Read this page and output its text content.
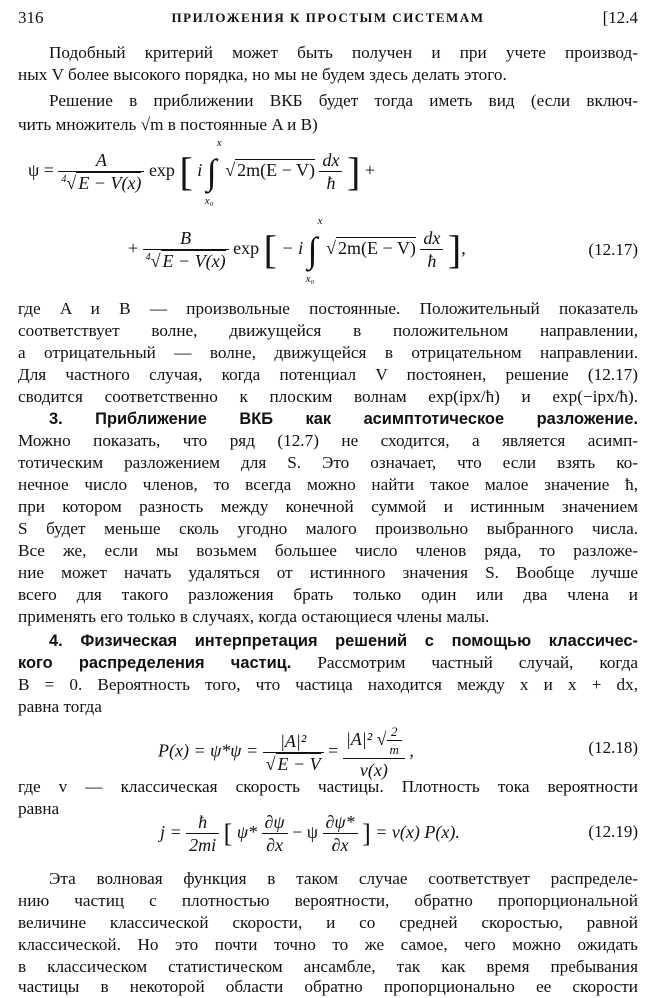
316	ПРИЛОЖЕНИЯ К ПРОСТЫМ СИСТЕМАМ	[12.4
Подобный критерий может быть получен и при учете производ-
ных V более высокого порядка, но мы не будем здесь делать этого.
Решение в приближении ВКБ будет тогда иметь вид (если включ-
чить множитель √m в постоянные A и B)
$\psi = \frac{A}{^4√ E - V(x)}$ exp [ i ∫
x
x₀
√ $2m(E - V) \frac{dx}{ħ}$ ] +
+ $\frac{B}{^4√ E - V(x)}$ exp [ − i ∫
x
x₀
√ $2m(E - V) \frac{dx}{ħ}$ ],	(12.17)
где A и B — произвольные постоянные. Положительный показатель
соответствует волне, движущейся в положительном направлении,
а отрицательный — волне, движущейся в отрицательном направлении.
Для частного случая, когда потенциал V постоянен, решение (12.17)
сводится соответственно к плоским волнам exp(ipx/ħ) и exp(−ipx/ħ).
3. Приближение ВКБ как асимптотическое разложение.
Можно показать, что ряд (12.7) не сходится, а является асимп-
тотическим разложением для S. Это означает, что если взять ко-
нечное число членов, то всегда можно найти такое малое значение ħ,
при котором разность между конечной суммой и истинным значением
S будет меньше сколь угодно малого произвольно выбранного числа.
Все же, если мы возьмем большее число членов ряда, то разложе-
ние может начать удаляться от истинного значения S. Вообще лучше
всего для такого разложения брать только один или два члена и
применять его только в случаях, когда остающиеся члены малы.
4. Физическая интерпретация решений с помощью классичес-
кого распределения частиц. Рассмотрим частный случай, когда
B = 0. Вероятность того, что частица находится между x и x + dx,
равна тогда
$P(x) = \psi*\psi = \frac{\text{|A|²}}{√ E - V} = \frac{|A|^2 √ \frac{2}{m}}{v(x)}$ ,	(12.18)
где v — классическая скорость частицы. Плотность тока вероятности
равна
$j = \frac{ħ}{2mi}$ [ $\psi* \frac{\partial\psi}{\partial x} - \psi \frac{\partial\psi*}{\partial x}$ ] = v(x) P(x).	(12.19)
Эта волновая функция в таком случае соответствует распределе-
нию частиц с плотностью вероятности, обратно пропорциональной
величине классической скорости, и со средней скоростью, равной
классической. Но это почти точно то же самое, чего можно ожидать
в классическом статистическом ансамбле, так как время пребывания
частицы в некоторой области обратно пропорционально ее скорости
